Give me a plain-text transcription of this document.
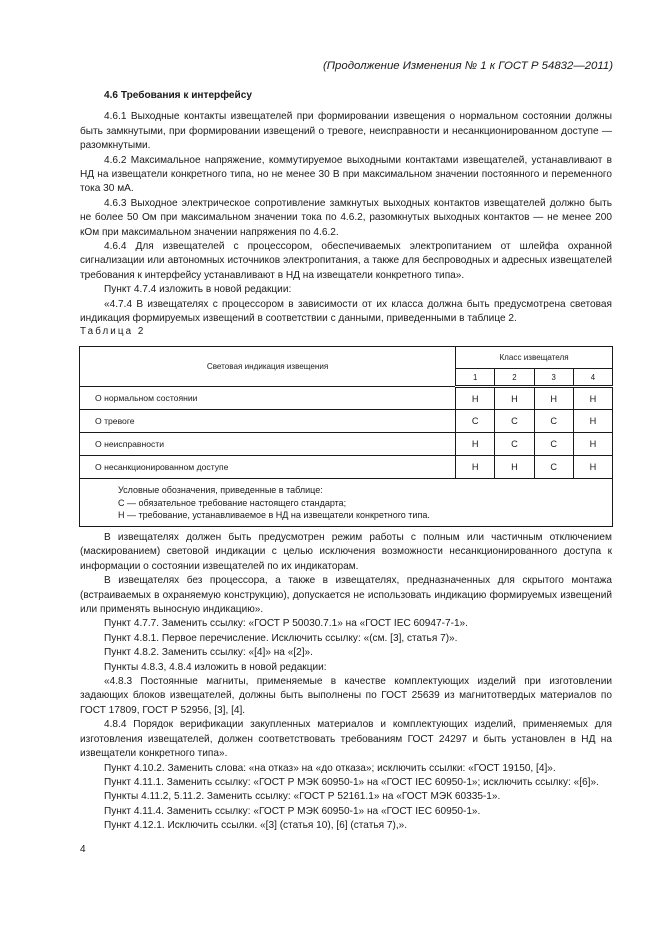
(Продолжение Изменения № 1 к ГОСТ Р 54832—2011)

4.6 Требования к интерфейсу

4.6.1 Выходные контакты извещателей при формировании извещения о нормальном состоянии должны быть замкнутыми, при формировании извещений о тревоге, неисправности и несанкционированном доступе — разомкнутыми.

4.6.2 Максимальное напряжение, коммутируемое выходными контактами извещателей, устанавливают в НД на извещатели конкретного типа, но не менее 30 В при максимальном значении постоянного и переменного тока 30 мА.

4.6.3 Выходное электрическое сопротивление замкнутых выходных контактов извещателей должно быть не более 50 Ом при максимальном значении тока по 4.6.2, разомкнутых выходных контактов — не менее 200 кОм при максимальном значении напряжения по 4.6.2.

4.6.4 Для извещателей с процессором, обеспечиваемых электропитанием от шлейфа охранной сигнализации или автономных источников электропитания, а также для беспроводных и адресных извещателей требования к интерфейсу устанавливают в НД на извещатели конкретного типа».

Пункт 4.7.4 изложить в новой редакции:

«4.7.4 В извещателях с процессором в зависимости от их класса должна быть предусмотрена световая индикация формируемых извещений в соответствии с данными, приведенными в таблице 2.

Таблица 2
Световая индикация извещения	Класс извещателя			
	1	2	3	4
О нормальном состоянии	Н	Н	Н	Н
О тревоге	С	С	С	Н
О неисправности	Н	С	С	Н
О несанкционированном доступе	Н	Н	С	Н

Условные обозначения, приведенные в таблице:
С — обязательное требование настоящего стандарта;
Н — требование, устанавливаемое в НД на извещатели конкретного типа.				

В извещателях должен быть предусмотрен режим работы с полным или частичным отключением (маскированием) световой индикации с целью исключения возможности несанкционированного доступа к информации о состоянии извещателей по их индикаторам.

В извещателях без процессора, а также в извещателях, предназначенных для скрытого монтажа (встраиваемых в охраняемую конструкцию), допускается не использовать индикацию формируемых извещений или применять выносную индикацию».

Пункт 4.7.7. Заменить ссылку: «ГОСТ Р 50030.7.1» на «ГОСТ IEC 60947-7-1».

Пункт 4.8.1. Первое перечисление. Исключить ссылку: «(см. [3], статья 7)».

Пункт 4.8.2. Заменить ссылку: «[4]» на «[2]».

Пункты 4.8.3, 4.8.4 изложить в новой редакции:

«4.8.3 Постоянные магниты, применяемые в качестве комплектующих изделий при изготовлении задающих блоков извещателей, должны быть выполнены по ГОСТ 25639 из магнитотвердых материалов по ГОСТ 17809, ГОСТ Р 52956, [3], [4].

4.8.4 Порядок верификации закупленных материалов и комплектующих изделий, применяемых для изготовления извещателей, должен соответствовать требованиям ГОСТ 24297 и быть установлен в НД на извещатели конкретного типа».

Пункт 4.10.2. Заменить слова: «на отказ» на «до отказа»; исключить ссылки: «ГОСТ 19150, [4]».

Пункт 4.11.1. Заменить ссылку: «ГОСТ Р МЭК 60950-1» на «ГОСТ IEC 60950-1»; исключить ссылку: «[6]».

Пункты 4.11.2, 5.11.2. Заменить ссылку: «ГОСТ Р 52161.1» на «ГОСТ МЭК 60335-1».

Пункт 4.11.4. Заменить ссылку: «ГОСТ Р МЭК 60950-1» на «ГОСТ IEC 60950-1».

Пункт 4.12.1. Исключить ссылки. «[3] (статья 10), [6] (статья 7),».

4
